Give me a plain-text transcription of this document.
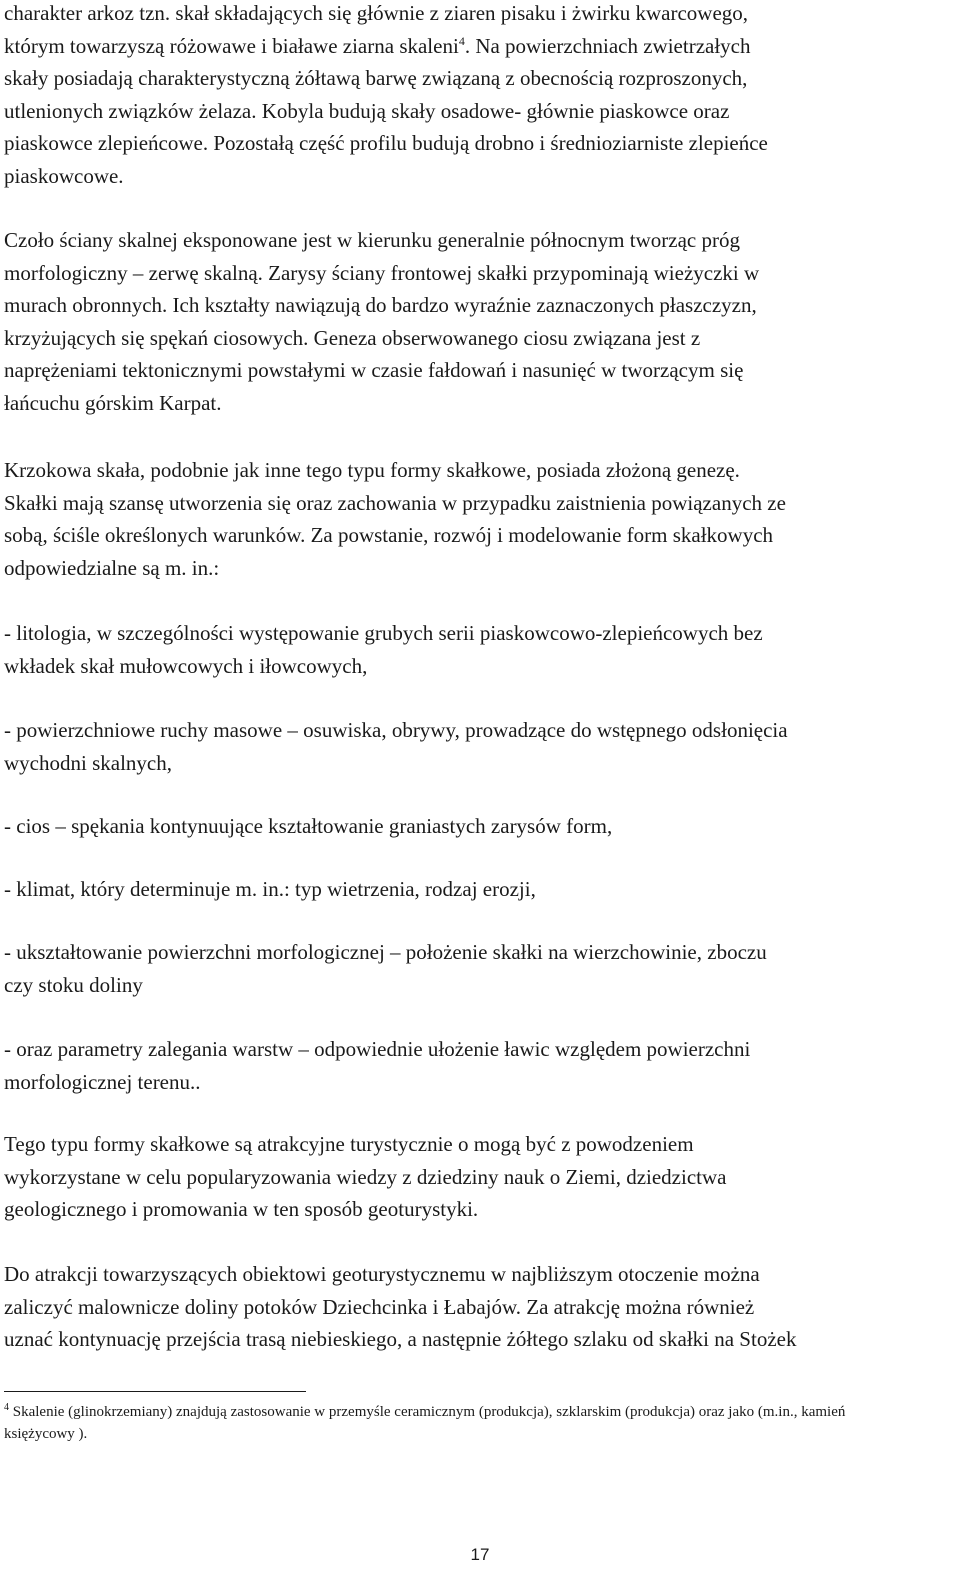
charakter arkoz tzn. skał składających się głównie z ziaren pisaku i żwirku kwarcowego,
którym towarzyszą różowawe i białawe ziarna skaleni$^4$. Na powierzchniach zwietrzałych
skały posiadają charakterystyczną żółtawą barwę związaną z obecnością rozproszonych,
utlenionych związków żelaza. Kobyla budują skały osadowe- głównie piaskowce oraz
piaskowce zlepieńcowe. Pozostałą część profilu budują drobno i średnioziarniste zlepieńce
piaskowcowe.

Czoło ściany skalnej eksponowane jest w kierunku generalnie północnym tworząc próg
morfologiczny – zerwę skalną. Zarysy ściany frontowej skałki przypominają wieżyczki w
murach obronnych. Ich kształty nawiązują do bardzo wyraźnie zaznaczonych płaszczyzn,
krzyżujących się spękań ciosowych. Geneza obserwowanego ciosu związana jest z
naprężeniami tektonicznymi powstałymi w czasie fałdowań i nasunięć w tworzącym się
łańcuchu górskim Karpat.

Krzokowa skała, podobnie jak inne tego typu formy skałkowe, posiada złożoną genezę.
Skałki mają szansę utworzenia się oraz zachowania w przypadku zaistnienia powiązanych ze
sobą, ściśle określonych warunków. Za powstanie, rozwój i modelowanie form skałkowych
odpowiedzialne są m. in.:

- litologia, w szczególności występowanie grubych serii piaskowcowo-zlepieńcowych bez
wkładek skał mułowcowych i iłowcowych,

- powierzchniowe ruchy masowe – osuwiska, obrywy, prowadzące do wstępnego odsłonięcia
wychodni skalnych,

- cios – spękania kontynuujące kształtowanie graniastych zarysów form,

- klimat, który determinuje m. in.: typ wietrzenia, rodzaj erozji,

- ukształtowanie powierzchni morfologicznej – położenie skałki na wierzchowinie, zboczu
czy stoku doliny

- oraz parametry zalegania warstw – odpowiednie ułożenie ławic względem powierzchni
morfologicznej terenu..

Tego typu formy skałkowe są atrakcyjne turystycznie o mogą być z powodzeniem
wykorzystane w celu popularyzowania wiedzy z dziedziny nauk o Ziemi, dziedzictwa
geologicznego i promowania w ten sposób geoturystyki.

Do atrakcji towarzyszących obiektowi geoturystycznemu w najbliższym otoczenie można
zaliczyć malownicze doliny potoków Dziechcinka i Łabajów. Za atrakcję można również
uznać kontynuację przejścia trasą niebieskiego, a następnie żółtego szlaku od skałki na Stożek

$^4$ Skalenie (glinokrzemiany) znajdują zastosowanie w przemyśle ceramicznym (produkcja), szklarskim (produkcja) oraz jako (m.in., kamień
księżycowy ).
17
